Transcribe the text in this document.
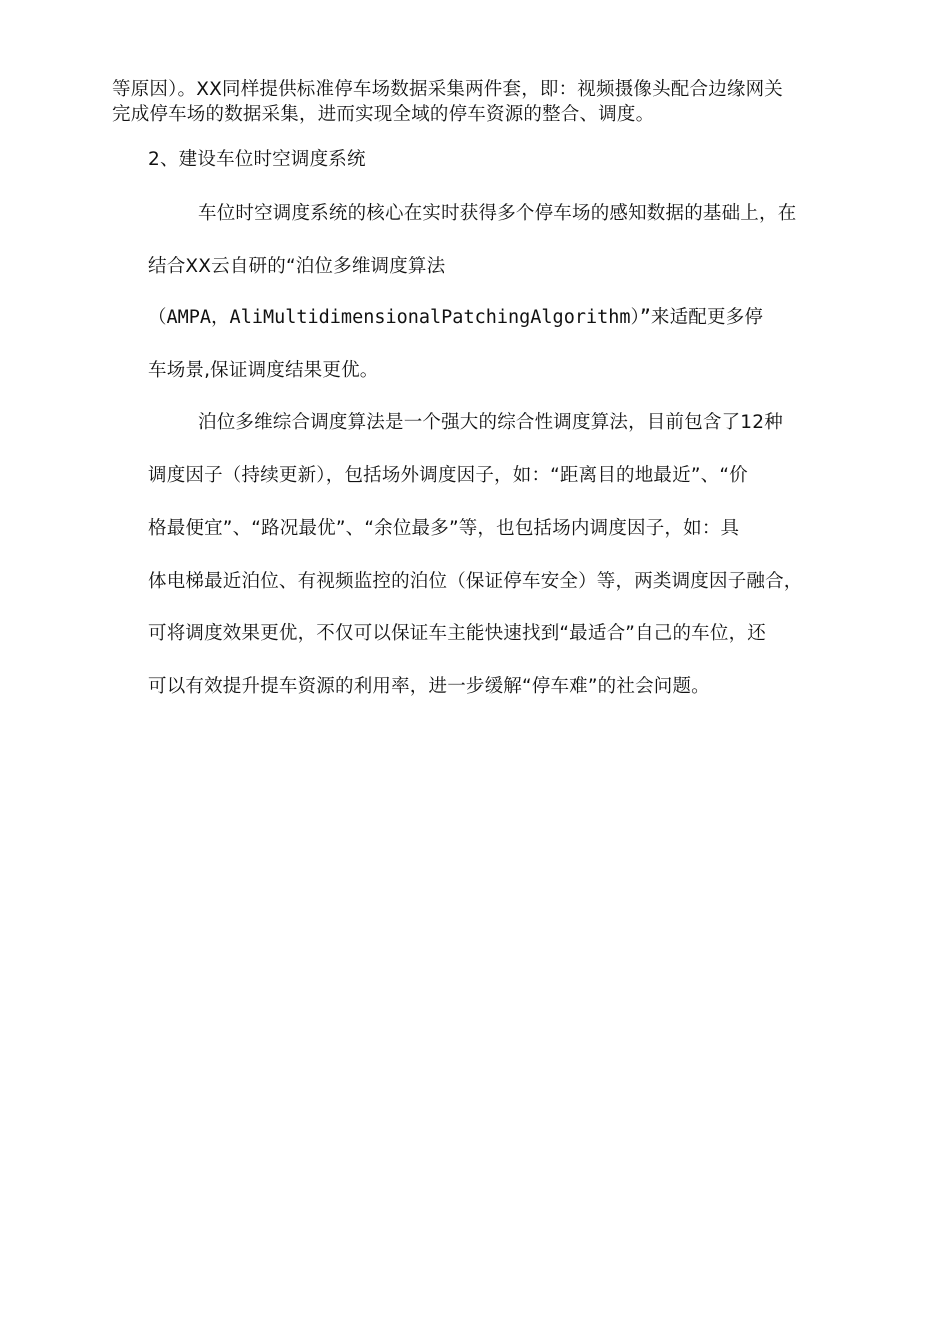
等原因）。XX同样提供标准停车场数据采集两件套，即：视频摄像头配合边缘网关
完成停车场的数据采集，进而实现全域的停车资源的整合、调度。
2、建设车位时空调度系统
车位时空调度系统的核心在实时获得多个停车场的感知数据的基础上，在
结合XX云自研的“泊位多维调度算法
（AMPA，AliMultidimensionalPatchingAlgorithm）”来适配更多停
车场景,保证调度结果更优。
泊位多维综合调度算法是一个强大的综合性调度算法，目前包含了12种
调度因子（持续更新），包括场外调度因子，如：“距离目的地最近”、“价
格最便宜”、“路况最优”、“余位最多”等，也包括场内调度因子，如：具
体电梯最近泊位、有视频监控的泊位（保证停车安全）等，两类调度因子融合，
可将调度效果更优，不仅可以保证车主能快速找到“最适合”自己的车位，还
可以有效提升提车资源的利用率，进一步缓解“停车难”的社会问题。
